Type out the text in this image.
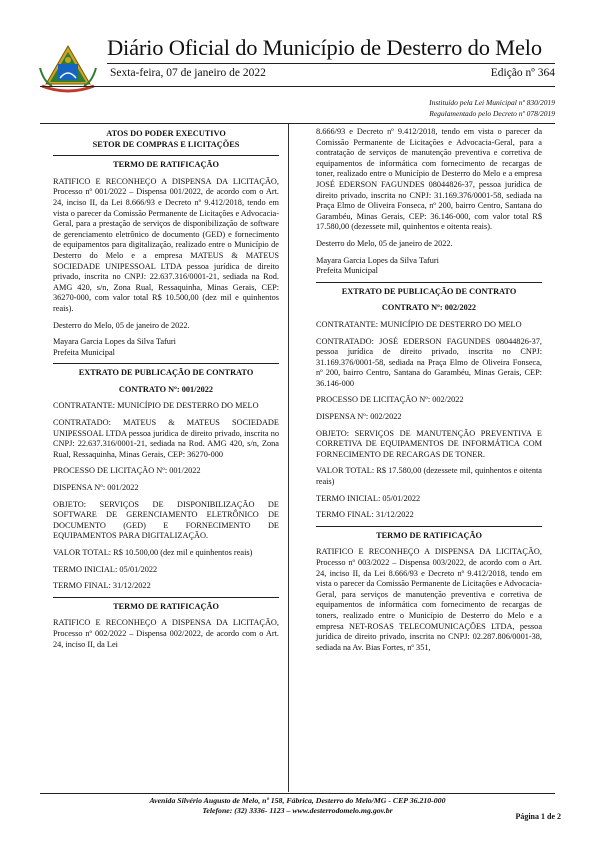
Diário Oficial do Município de Desterro do Melo
Sexta-feira, 07 de janeiro de 2022	Edição nº 364
Instituído pela Lei Municipal nº 830/2019
Regulamentado pelo Decreto nº 078/2019

ATOS DO PODER EXECUTIVO

SETOR DE COMPRAS E LICITAÇÕES

TERMO DE RATIFICAÇÃO

RATIFICO E RECONHEÇO A DISPENSA DA LICITAÇÃO, Processo nº 001/2022 – Dispensa 001/2022, de acordo com o Art. 24, inciso II, da Lei 8.666/93 e Decreto nº 9.412/2018, tendo em vista o parecer da Comissão Permanente de Licitações e Advocacia-Geral, para a prestação de serviços de disponibilização de software de gerenciamento eletrônico de documento (GED) e fornecimento de equipamentos para digitalização, realizado entre o Município de Desterro do Melo e a empresa MATEUS & MATEUS SOCIEDADE UNIPESSOAL LTDA pessoa jurídica de direito privado, inscrita no CNPJ: 22.637.316/0001-21, sediada na Rod. AMG 420, s/n, Zona Rual, Ressaquinha, Minas Gerais, CEP: 36270-000, com valor total R$ 10.500,00 (dez mil e quinhentos reais).

Desterro do Melo, 05 de janeiro de 2022.

Mayara Garcia Lopes da Silva Tafuri

Prefeita Municipal

EXTRATO DE PUBLICAÇÃO DE CONTRATO

CONTRATO Nº: 001/2022

CONTRATANTE: MUNICÍPIO DE DESTERRO DO MELO

CONTRATADO: MATEUS & MATEUS SOCIEDADE UNIPESSOAL LTDA pessoa jurídica de direito privado, inscrita no CNPJ: 22.637.316/0001-21, sediada na Rod. AMG 420, s/n, Zona Rual, Ressaquinha, Minas Gerais, CEP: 36270-000

PROCESSO DE LICITAÇÃO Nº: 001/2022

DISPENSA Nº: 001/2022

OBJETO: SERVIÇOS DE DISPONIBILIZAÇÃO DE SOFTWARE DE GERENCIAMENTO ELETRÔNICO DE DOCUMENTO (GED) E FORNECIMENTO DE EQUIPAMENTOS PARA DIGITALIZAÇÃO.

VALOR TOTAL: R$ 10.500,00 (dez mil e quinhentos reais)

TERMO INICIAL: 05/01/2022

TERMO FINAL: 31/12/2022

TERMO DE RATIFICAÇÃO

RATIFICO E RECONHEÇO A DISPENSA DA LICITAÇÃO, Processo nº 002/2022 – Dispensa 002/2022, de acordo com o Art. 24, inciso II, da Lei

8.666/93 e Decreto nº 9.412/2018, tendo em vista o parecer da Comissão Permanente de Licitações e Advocacia-Geral, para a contratação de serviços de manutenção preventiva e corretiva de equipamentos de informática com fornecimento de recargas de toner, realizado entre o Município de Desterro do Melo e a empresa JOSÉ EDERSON FAGUNDES 08044826-37, pessoa jurídica de direito privado, inscrita no CNPJ: 31.169.376/0001-58, sediada na Praça Elmo de Oliveira Fonseca, nº 200, bairro Centro, Santana do Garambéu, Minas Gerais, CEP: 36.146-000, com valor total R$ 17.580,00 (dezessete mil, quinhentos e oitenta reais).

Desterro do Melo, 05 de janeiro de 2022.

Mayara Garcia Lopes da Silva Tafuri

Prefeita Municipal

EXTRATO DE PUBLICAÇÃO DE CONTRATO

CONTRATO Nº: 002/2022

CONTRATANTE: MUNICÍPIO DE DESTERRO DO MELO

CONTRATADO: JOSÉ EDERSON FAGUNDES 08044826-37, pessoa jurídica de direito privado, inscrita no CNPJ: 31.169.376/0001-58, sediada na Praça Elmo de Oliveira Fonseca, nº 200, bairro Centro, Santana do Garambéu, Minas Gerais, CEP: 36.146-000

PROCESSO DE LICITAÇÃO Nº: 002/2022

DISPENSA Nº: 002/2022

OBJETO: SERVIÇOS DE MANUTENÇÃO PREVENTIVA E CORRETIVA DE EQUIPAMENTOS DE INFORMÁTICA COM FORNECIMENTO DE RECARGAS DE TONER.

VALOR TOTAL: R$ 17.580,00 (dezessete mil, quinhentos e oitenta reais)

TERMO INICIAL: 05/01/2022

TERMO FINAL: 31/12/2022

TERMO DE RATIFICAÇÃO

RATIFICO E RECONHEÇO A DISPENSA DA LICITAÇÃO, Processo nº 003/2022 – Dispensa 003/2022, de acordo com o Art. 24, inciso II, da Lei 8.666/93 e Decreto nº 9.412/2018, tendo em vista o parecer da Comissão Permanente de Licitações e Advocacia-Geral, para serviços de manutenção preventiva e corretiva de equipamentos de informática com fornecimento de recargas de toners, realizado entre o Município de Desterro do Melo e a empresa NET-ROSAS TELECOMUNICAÇÕES LTDA, pessoa jurídica de direito privado, inscrita no CNPJ: 02.287.806/0001-38, sediada na Av. Bias Fortes, nº 351,

Avenida Silvério Augusto de Melo, nº 158, Fábrica, Desterro do Melo/MG - CEP 36.210-000
Telefone: (32) 3336- 1123 – www.desterrodomelo.mg.gov.br
Página 1 de 2
